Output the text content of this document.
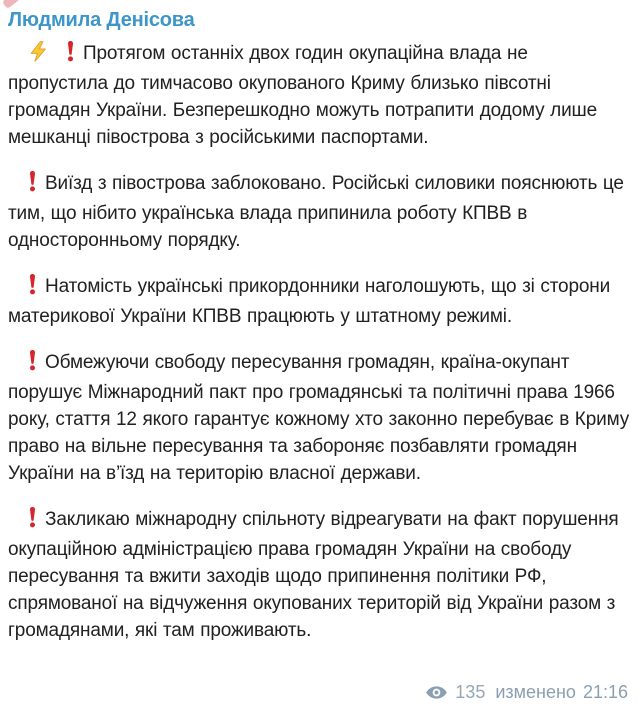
Людмила Денісова
Протягом останніх двох годин окупаційна влада не пропустила до тимчасово окупованого Криму близько півсотні громадян України. Безперешкодно можуть потрапити додому лише мешканці півострова з російськими паспортами.
Виїзд з півострова заблоковано. Російські силовики пояснюють це тим, що нібито українська влада припинила роботу КПВВ в односторонньому порядку.
Натомість українські прикордонники наголошують, що зі сторони материкової України КПВВ працюють у штатному режимі.
Обмежуючи свободу пересування громадян, країна-окупант порушує Міжнародний пакт про громадянські та політичні права 1966 року, стаття 12 якого гарантує кожному хто законно перебуває в Криму право на вільне пересування та забороняє позбавляти громадян України на в’їзд на територію власної держави.
Закликаю міжнародну спільноту відреагувати на факт порушення окупаційною адміністрацією права громадян України на свободу пересування та вжити заходів щодо припинення політики РФ, спрямованої на відчуження окупованих територій від України разом з громадянами, які там проживають.
135 изменено 21:16
